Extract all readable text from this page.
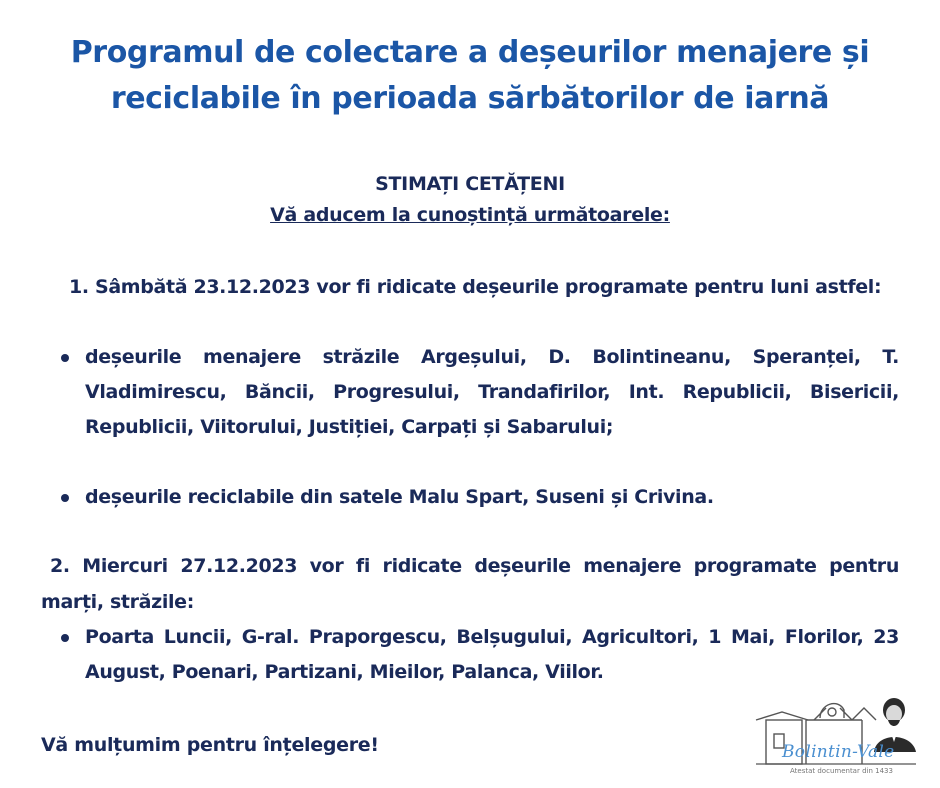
Programul de colectare a deșeurilor menajere și reciclabile în perioada sărbătorilor de iarnă
STIMAȚI CETĂȚENI
Vă aducem la cunoștință următoarele:
1. Sâmbătă 23.12.2023 vor fi ridicate deșeurile programate pentru luni astfel:
deșeurile menajere străzile Argeșului, D. Bolintineanu, Speranței, T. Vladimirescu, Băncii, Progresului, Trandafirilor, Int. Republicii, Bisericii, Republicii, Viitorului, Justiției, Carpați și Sabarului;
deșeurile reciclabile din satele Malu Spart, Suseni și Crivina.
2. Miercuri 27.12.2023 vor fi ridicate deșeurile menajere programate pentru marți, străzile:
Poarta Luncii, G-ral. Praporgescu, Belșugului, Agricultori, 1 Mai, Florilor, 23 August, Poenari, Partizani, Mieilor, Palanca, Viilor.
Vă mulțumim pentru înțelegere!	Bolintin-Vale
Atestat documentar din 1433
